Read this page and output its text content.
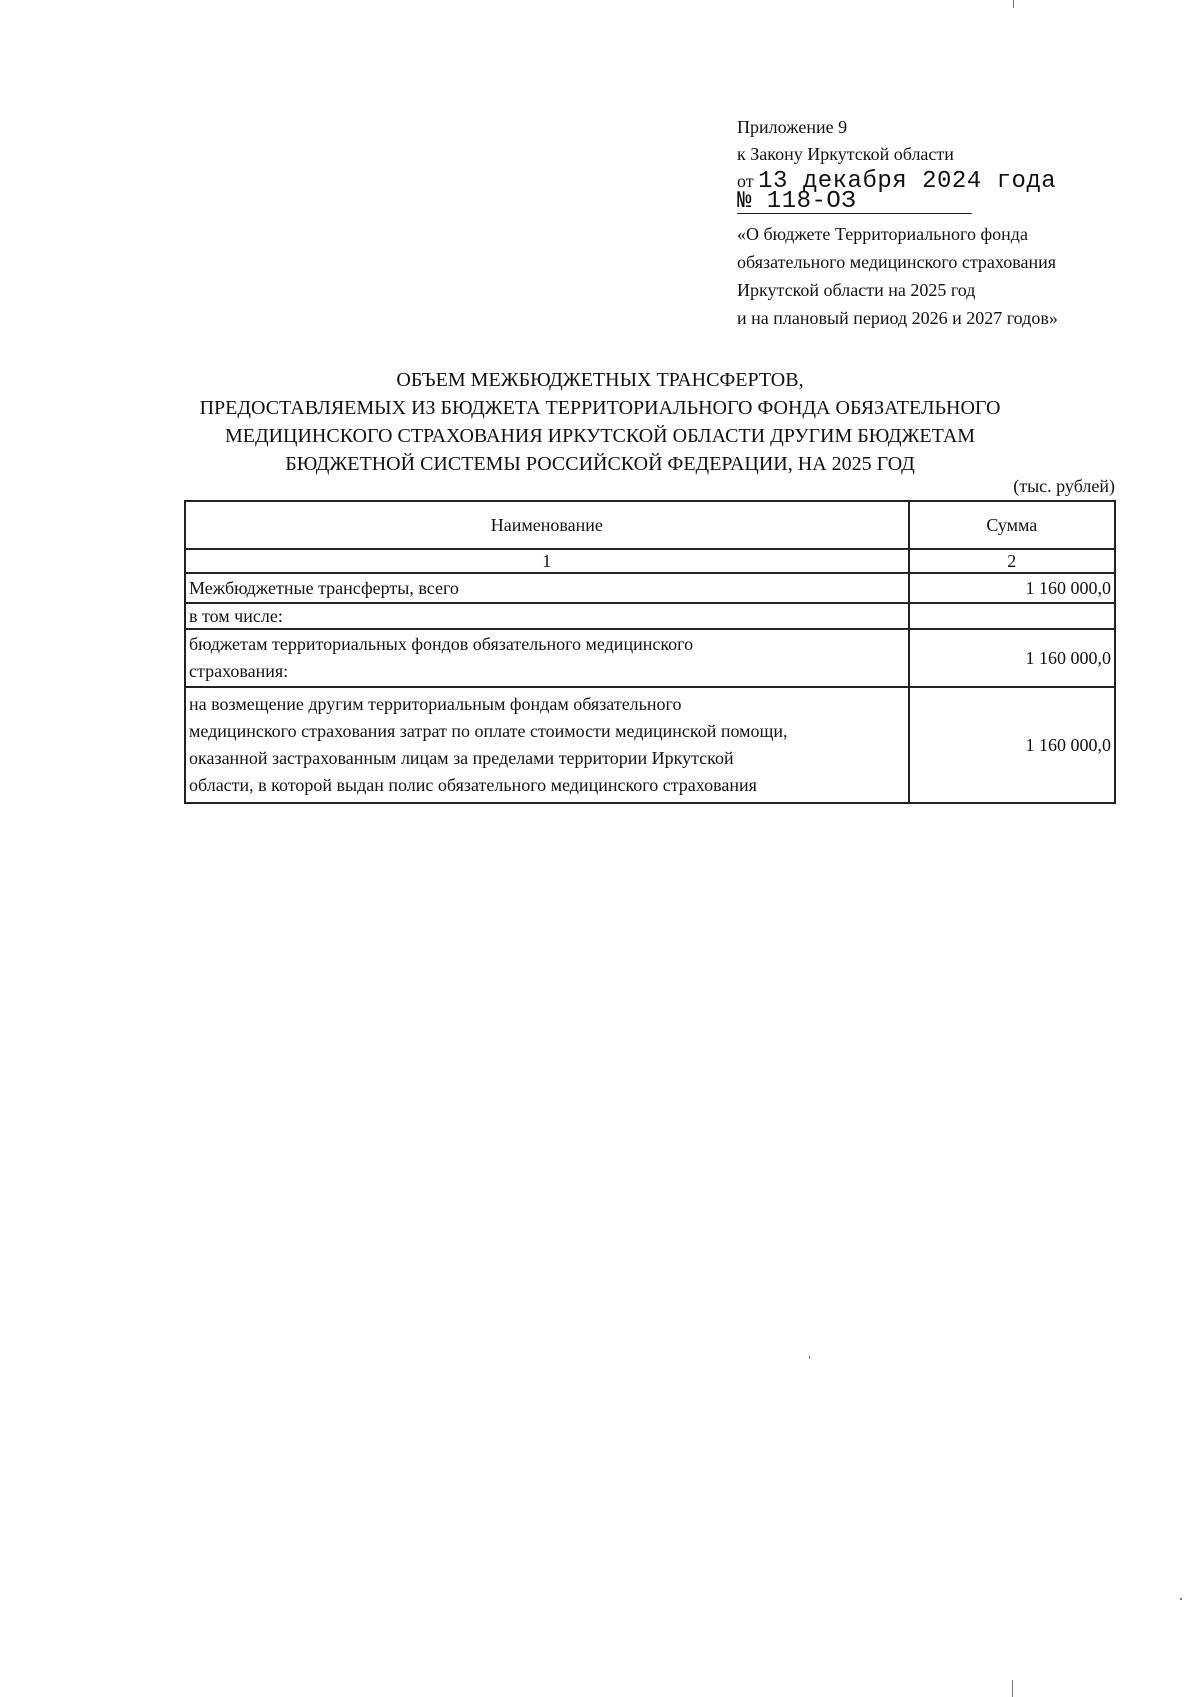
Приложение 9
к Закону Иркутской области
от 13 декабря 2024 года
№ 118-ОЗ
«О бюджете Территориального фонда
обязательного медицинского страхования
Иркутской области на 2025 год
и на плановый период 2026 и 2027 годов»
ОБЪЕМ МЕЖБЮДЖЕТНЫХ ТРАНСФЕРТОВ,
ПРЕДОСТАВЛЯЕМЫХ ИЗ БЮДЖЕТА ТЕРРИТОРИАЛЬНОГО ФОНДА ОБЯЗАТЕЛЬНОГО
МЕДИЦИНСКОГО СТРАХОВАНИЯ ИРКУТСКОЙ ОБЛАСТИ ДРУГИМ БЮДЖЕТАМ
БЮДЖЕТНОЙ СИСТЕМЫ РОССИЙСКОЙ ФЕДЕРАЦИИ, НА 2025 ГОД
(тыс. рублей)
Наименование	Сумма
1	2
Межбюджетные трансферты, всего	1 160 000,0
в том числе:	

бюджетам территориальных фондов обязательного медицинского
страхования:	1 160 000,0

на возмещение другим территориальным фондам обязательного
медицинского страхования затрат по оплате стоимости медицинской помощи,
оказанной застрахованным лицам за пределами территории Иркутской
области, в которой выдан полис обязательного медицинского страхования	1 160 000,0
